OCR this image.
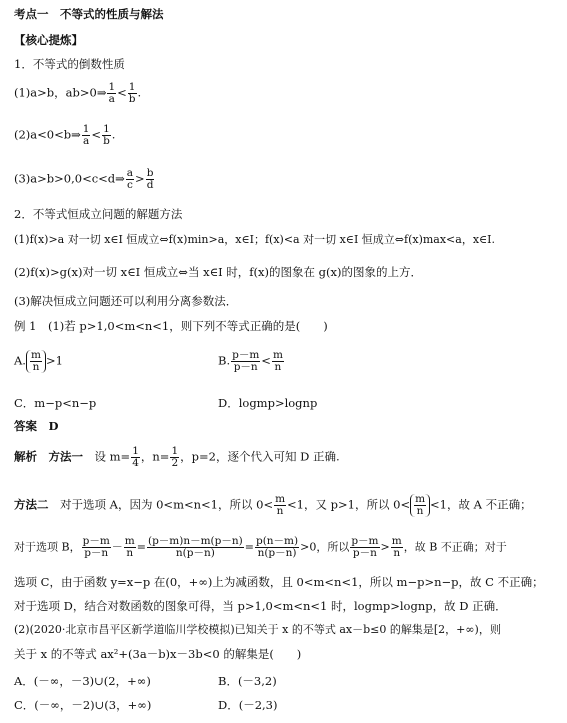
考点一　不等式的性质与解法
【核心提炼】
1．不等式的倒数性质
(1)a>b，ab>0⇒ $\frac{1}{a} < \frac{1}{b}$ .
(2)a<0<b⇒ $\frac{1}{a} < \frac{1}{b}$ .
(3)a>b>0,0<c<d⇒ $\frac{a}{c} > \frac{b}{d}$
2．不等式恒成立问题的解题方法
(1)f(x)>a 对一切 x∈I 恒成立⇔f(x)min>a，x∈I；f(x)<a 对一切 x∈I 恒成立⇔f(x)max<a，x∈I.
(2)f(x)>g(x)对一切 x∈I 恒成立⇔当 x∈I 时，f(x)的图象在 g(x)的图象的上方．
(3)解决恒成立问题还可以利用分离参数法．
例 1　(1)若 p>1,0<m<n<1，则下列不等式正确的是(　　)
A. $\frac{m}{n} >1$	B. $\frac{p-m}{p-n} < \frac{m}{n}$
C．m−p<n−p	D．logmp>lognp
答案　D
解析　方法一　 设 $m= \frac{1}{4}$ ，$n= \frac{1}{2}$ ，p=2，逐个代入可知 D 正确.
方法二　 对于选项 A，因为 0<m<n<1，所以 $0< \frac{m}{n} <1$，又 p>1，所以 $0< \frac{m}{n} <1$，故 A 不正确；
对于选项 B， $\frac{p-m}{p-n} - \frac{m}{n} = \frac{(p-m)n-m(p-n)}{n(p-n)} = \frac{p(n-m)}{n(p-n)} >0$，所以 $\frac{p-m}{p-n} > \frac{m}{n}$ ，故 B 不正确；对于
选项 C，由于函数 y=x−p 在(0，+∞)上为减函数，且 0<m<n<1，所以 m−p>n−p，故 C 不正确；
对于选项 D，结合对数函数的图象可得，当 p>1,0<m<n<1 时，logmp>lognp，故 D 正确．
(2)(2020·北京市昌平区新学道临川学校模拟)已知关于 x 的不等式 ax－b≤0 的解集是[2，+∞)，则
关于 x 的不等式 ax²+(3a－b)x－3b<0 的解集是(　　)
A．(－∞，－3)∪(2，+∞)	B．(－3,2)
C．(－∞，－2)∪(3，+∞)	D．(－2,3)
